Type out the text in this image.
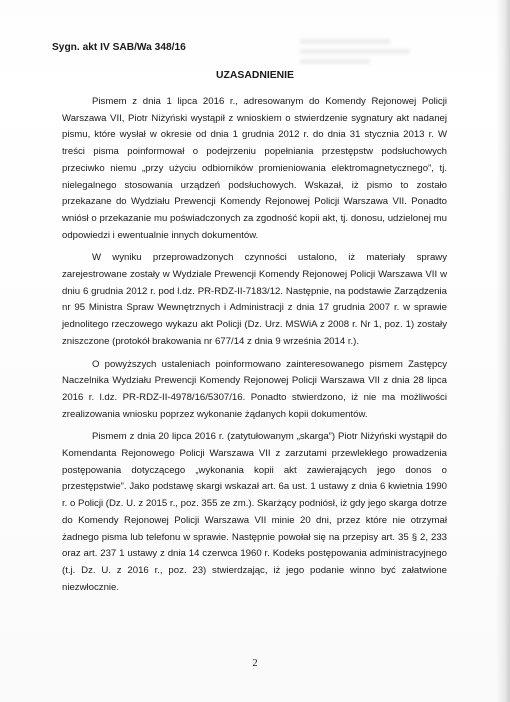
Sygn. akt IV SAB/Wa 348/16
UZASADNIENIE

Pismem z dnia 1 lipca 2016 r., adresowanym do Komendy Rejonowej Policji Warszawa VII, Piotr Niżyński wystąpił z wnioskiem o stwierdzenie sygnatury akt nadanej pismu, które wysłał w okresie od dnia 1 grudnia 2012 r. do dnia 31 stycznia 2013 r. W treści pisma poinformował o podejrzeniu popełniania przestępstw podsłuchowych przeciwko niemu „przy użyciu odbiorników promieniowania elektromagnetycznego”, tj. nielegalnego stosowania urządzeń podsłuchowych. Wskazał, iż pismo to zostało przekazane do Wydziału Prewencji Komendy Rejonowej Policji Warszawa VII. Ponadto wniósł o przekazanie mu poświadczonych za zgodność kopii akt, tj. donosu, udzielonej mu odpowiedzi i ewentualnie innych dokumentów.

W wyniku przeprowadzonych czynności ustalono, iż materiały sprawy zarejestrowane zostały w Wydziale Prewencji Komendy Rejonowej Policji Warszawa VII w dniu 6 grudnia 2012 r. pod l.dz. PR-RDZ-II-7183/12. Następnie, na podstawie Zarządzenia nr 95 Ministra Spraw Wewnętrznych i Administracji z dnia 17 grudnia 2007 r. w sprawie jednolitego rzeczowego wykazu akt Policji (Dz. Urz. MSWiA z 2008 r. Nr 1, poz. 1) zostały zniszczone (protokół brakowania nr 677/14 z dnia 9 września 2014 r.).

O powyższych ustaleniach poinformowano zainteresowanego pismem Zastępcy Naczelnika Wydziału Prewencji Komendy Rejonowej Policji Warszawa VII z dnia 28 lipca 2016 r. l.dz. PR-RDZ-II-4978/16/5307/16. Ponadto stwierdzono, iż nie ma możliwości zrealizowania wniosku poprzez wykonanie żądanych kopii dokumentów.

Pismem z dnia 20 lipca 2016 r. (zatytułowanym „skarga”) Piotr Niżyński wystąpił do Komendanta Rejonowego Policji Warszawa VII z zarzutami przewlekłego prowadzenia postępowania dotyczącego „wykonania kopii akt zawierających jego donos o przestępstwie”. Jako podstawę skargi wskazał art. 6a ust. 1 ustawy z dnia 6 kwietnia 1990 r. o Policji (Dz. U. z 2015 r., poz. 355 ze zm.). Skarżący podniósł, iż gdy jego skarga dotrze do Komendy Rejonowej Policji Warszawa VII minie 20 dni, przez które nie otrzymał żadnego pisma lub telefonu w sprawie. Następnie powołał się na przepisy art. 35 § 2, 233 oraz art. 237 1 ustawy z dnia 14 czerwca 1960 r. Kodeks postępowania administracyjnego (t.j. Dz. U. z 2016 r., poz. 23) stwierdzając, iż jego podanie winno być załatwione niezwłocznie.

2
